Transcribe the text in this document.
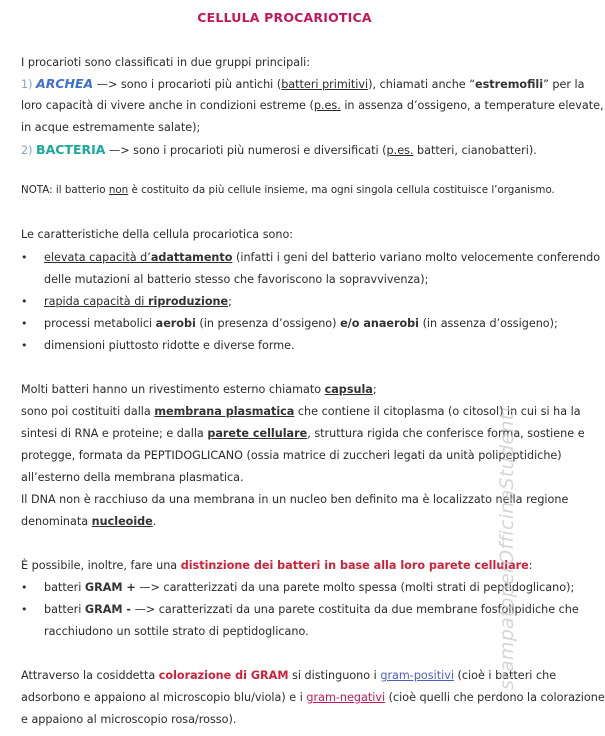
CELLULA PROCARIOTICA
I procarioti sono classificati in due gruppi principali:
1) ARCHEA —> sono i procarioti più antichi (batteri primitivi), chiamati anche “estremofili” per la
loro capacità di vivere anche in condizioni estreme (p.es. in assenza d’ossigeno, a temperature elevate,
in acque estremamente salate);
2) BACTERIA —> sono i procarioti più numerosi e diversificati (p.es. batteri, cianobatteri).
NOTA: il batterio non è costituito da più cellule insieme, ma ogni singola cellula costituisce l’organismo.
Le caratteristiche della cellula procariotica sono:
• elevata capacità d’adattamento (infatti i geni del batterio variano molto velocemente conferendo
delle mutazioni al batterio stesso che favoriscono la sopravvivenza);
• rapida capacità di riproduzione;
• processi metabolici aerobi (in presenza d’ossigeno) e/o anaerobi (in assenza d’ossigeno);
• dimensioni piuttosto ridotte e diverse forme.
Molti batteri hanno un rivestimento esterno chiamato capsula;
sono poi costituiti dalla membrana plasmatica che contiene il citoplasma (o citosol) in cui si ha la
sintesi di RNA e proteine; e dalla parete cellulare, struttura rigida che conferisce forma, sostiene e
protegge, formata da PEPTIDOGLICANO (ossia matrice di zuccheri legati da unità polipeptidiche)
all’esterno della membrana plasmatica.
Il DNA non è racchiuso da una membrana in un nucleo ben definito ma è localizzato nella regione
denominata nucleoide.
È possibile, inoltre, fare una distinzione dei batteri in base alla loro parete cellulare:
• batteri GRAM + —> caratterizzati da una parete molto spessa (molti strati di peptidoglicano);
• batteri GRAM - —> caratterizzati da una parete costituita da due membrane fosfolipidiche che
racchiudono un sottile strato di peptidoglicano.
Attraverso la cosiddetta colorazione di GRAM si distinguono i gram-positivi (cioè i batteri che
adsorbono e appaiono al microscopio blu/viola) e i gram-negativi (cioè quelli che perdono la colorazione
e appaiono al microscopio rosa/rosso).
stampatoperOfficinaStudenti
